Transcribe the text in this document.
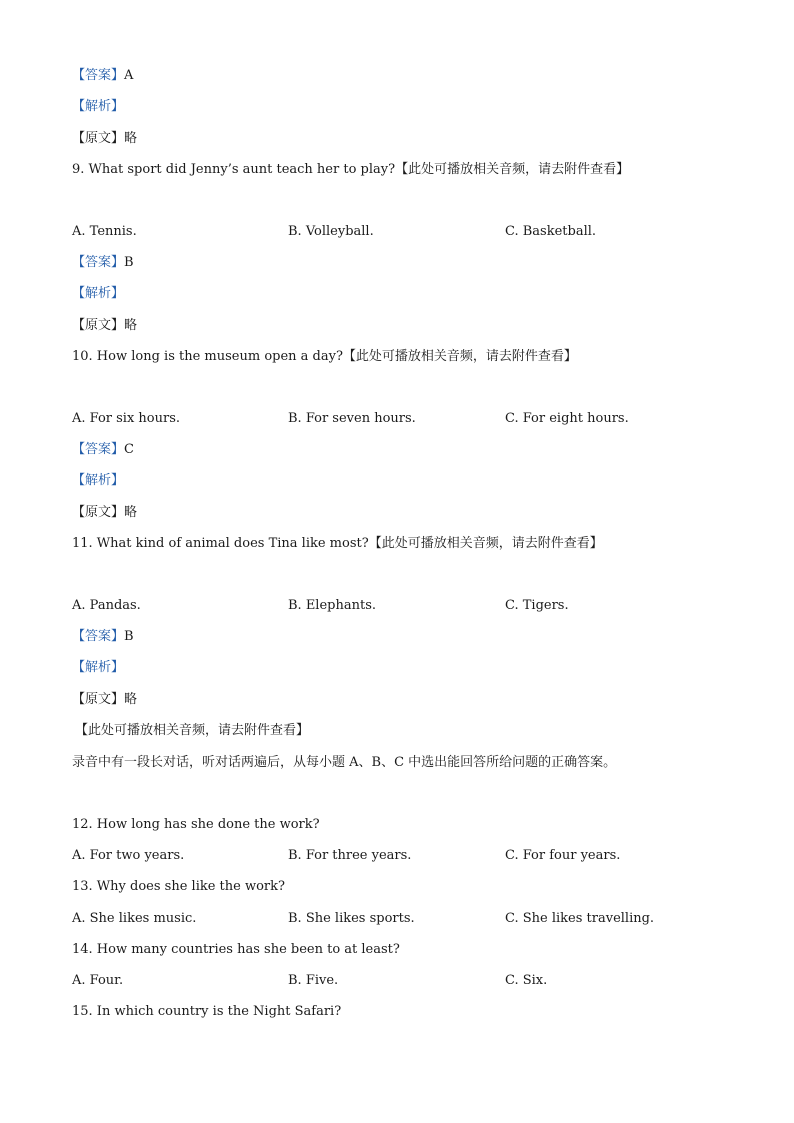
【答案】A
【解析】
【原文】略
9. What sport did Jenny’s aunt teach her to play?【此处可播放相关音频，请去附件查看】
A. Tennis.	B. Volleyball.	C. Basketball.
【答案】B
【解析】
【原文】略
10. How long is the museum open a day?【此处可播放相关音频，请去附件查看】
A. For six hours.	B. For seven hours.	C. For eight hours.
【答案】C
【解析】
【原文】略
11. What kind of animal does Tina like most?【此处可播放相关音频，请去附件查看】
A. Pandas.	B. Elephants.	C. Tigers.
【答案】B
【解析】
【原文】略
【此处可播放相关音频，请去附件查看】
录音中有一段长对话，听对话两遍后，从每小题 A、B、C 中选出能回答所给问题的正确答案。
12. How long has she done the work?
A. For two years.	B. For three years.	C. For four years.
13. Why does she like the work?
A. She likes music.	B. She likes sports.	C. She likes travelling.
14. How many countries has she been to at least?
A. Four.	B. Five.	C. Six.
15. In which country is the Night Safari?
